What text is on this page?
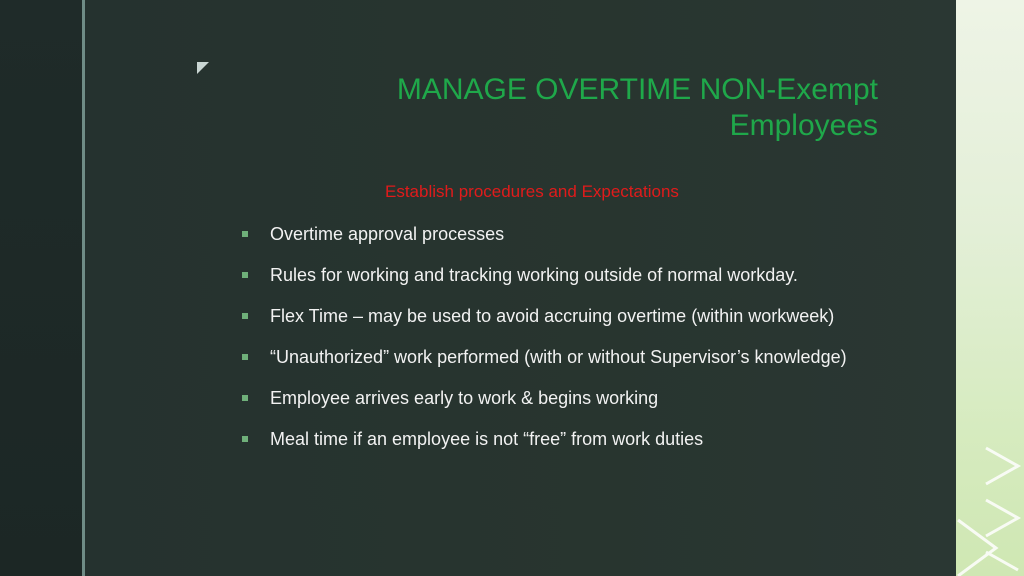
MANAGE OVERTIME NON-Exempt Employees
Establish procedures and Expectations
Overtime approval processes
Rules for working and tracking working outside of normal workday.
Flex Time – may be used to avoid accruing overtime (within workweek)
“Unauthorized” work performed (with or without Supervisor’s knowledge)
Employee arrives early to work & begins working
Meal time if an employee is not “free” from work duties
